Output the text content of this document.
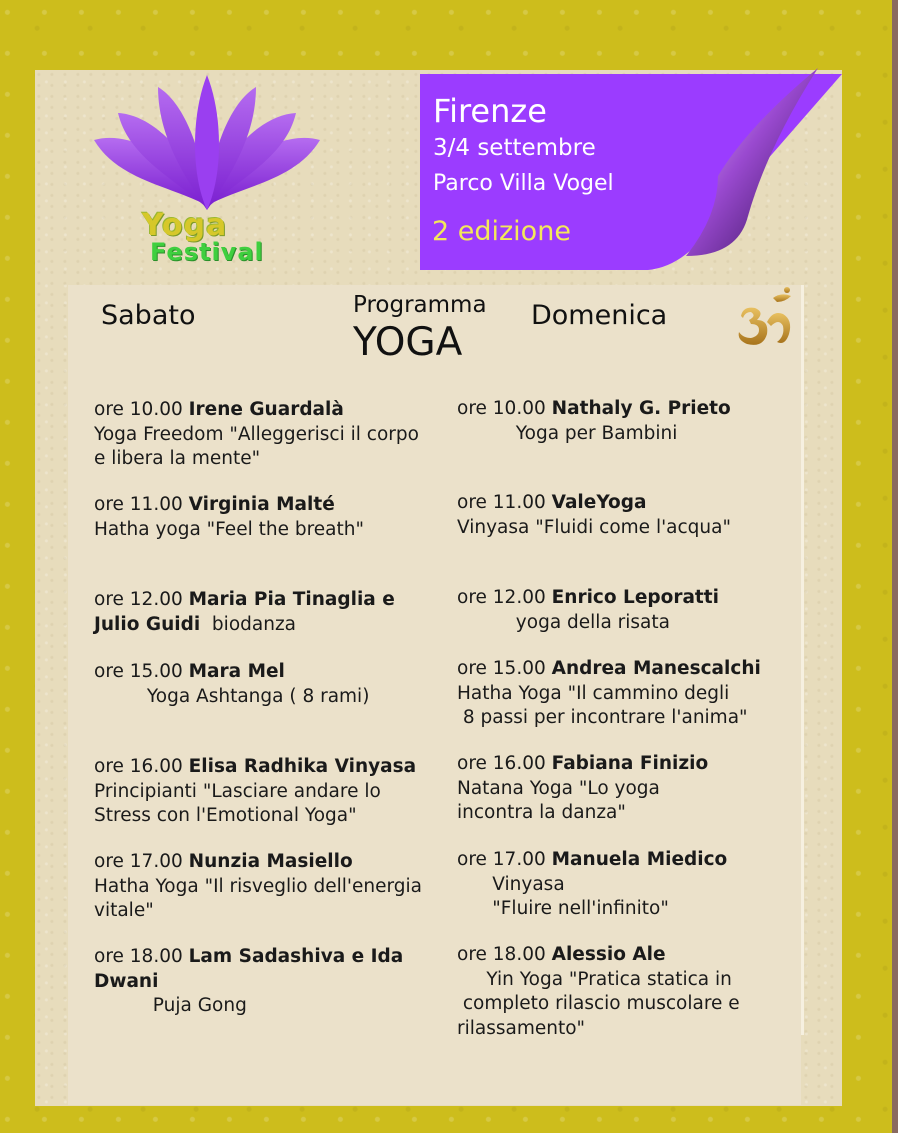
Yoga
Festival
Firenze
3/4 settembre
Parco Villa Vogel
2 edizione
Sabato	Programma
YOGA
Domenica
ore 10.00 Irene Guardalà
Yoga Freedom "Alleggerisci il corpo
e libera la mente"
ore 11.00 Virginia Malté
Hatha yoga "Feel the breath"
ore 12.00 Maria Pia Tinaglia e
Julio Guidi  biodanza
ore 15.00 Mara Mel
Yoga Ashtanga ( 8 rami)
ore 16.00 Elisa Radhika Vinyasa
Principianti "Lasciare andare lo
Stress con l'Emotional Yoga"
ore 17.00 Nunzia Masiello
Hatha Yoga "Il risveglio dell'energia
vitale"
ore 18.00 Lam Sadashiva e Ida
Dwani
Puja Gong
ore 10.00 Nathaly G. Prieto
Yoga per Bambini
ore 11.00 ValeYoga
Vinyasa "Fluidi come l'acqua"
ore 12.00 Enrico Leporatti
yoga della risata
ore 15.00 Andrea Manescalchi
Hatha Yoga "Il cammino degli
8 passi per incontrare l'anima"
ore 16.00 Fabiana Finizio
Natana Yoga "Lo yoga
incontra la danza"
ore 17.00 Manuela Miedico
Vinyasa
"Fluire nell'infinito"
ore 18.00 Alessio Ale
Yin Yoga "Pratica statica in
completo rilascio muscolare e
rilassamento"
